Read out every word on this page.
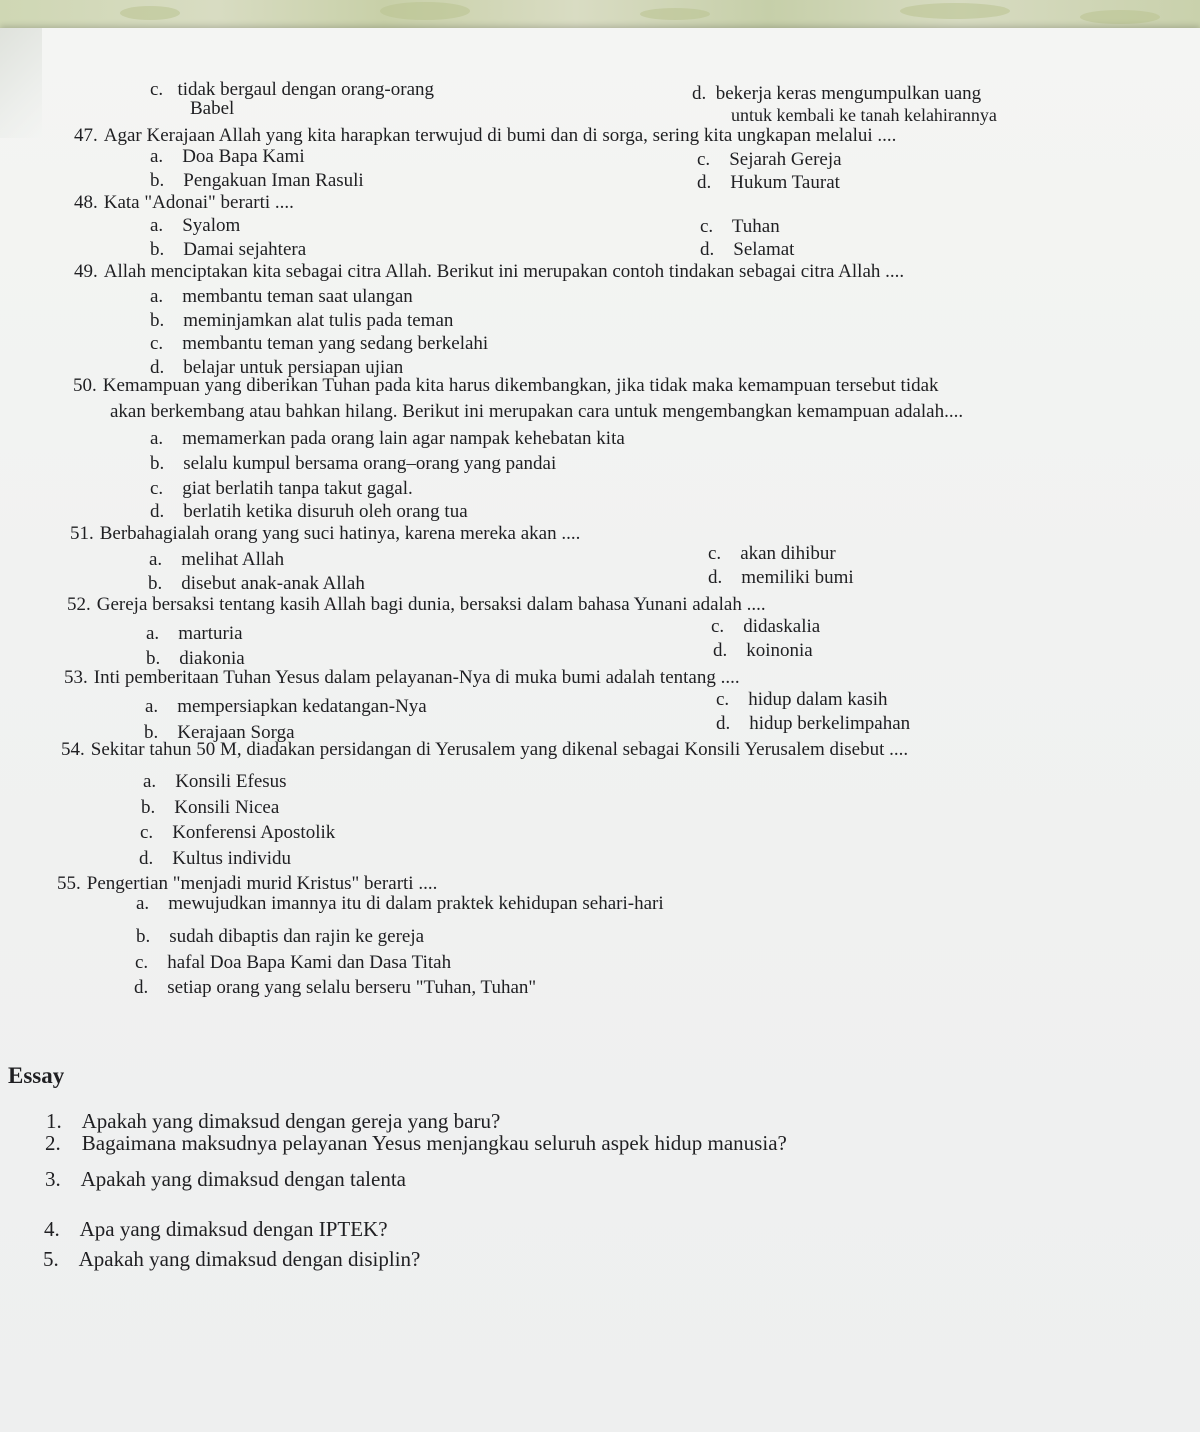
c. tidak bergaul dengan orang-orang
Babel
d. bekerja keras mengumpulkan uang
untuk kembali ke tanah kelahirannya
47. Agar Kerajaan Allah yang kita harapkan terwujud di bumi dan di sorga, sering kita ungkapan melalui ....
a. Doa Bapa Kami	c. Sejarah Gereja
b. Pengakuan Iman Rasuli	d. Hukum Taurat
48. Kata "Adonai" berarti ....
a. Syalom	c. Tuhan
b. Damai sejahtera	d. Selamat
49. Allah menciptakan kita sebagai citra Allah. Berikut ini merupakan contoh tindakan sebagai citra Allah ....
a. membantu teman saat ulangan
b. meminjamkan alat tulis pada teman
c. membantu teman yang sedang berkelahi
d. belajar untuk persiapan ujian
50. Kemampuan yang diberikan Tuhan pada kita harus dikembangkan, jika tidak maka kemampuan tersebut tidak
akan berkembang atau bahkan hilang. Berikut ini merupakan cara untuk mengembangkan kemampuan adalah....
a. memamerkan pada orang lain agar nampak kehebatan kita
b. selalu kumpul bersama orang–orang yang pandai
c. giat berlatih tanpa takut gagal.
d. berlatih ketika disuruh oleh orang tua
51. Berbahagialah orang yang suci hatinya, karena mereka akan ....
a. melihat Allah	c. akan dihibur
b. disebut anak-anak Allah	d. memiliki bumi
52. Gereja bersaksi tentang kasih Allah bagi dunia, bersaksi dalam bahasa Yunani adalah ....
a. marturia	c. didaskalia
b. diakonia	d. koinonia
53. Inti pemberitaan Tuhan Yesus dalam pelayanan-Nya di muka bumi adalah tentang ....
a. mempersiapkan kedatangan-Nya	c. hidup dalam kasih
b. Kerajaan Sorga	d. hidup berkelimpahan
54. Sekitar tahun 50 M, diadakan persidangan di Yerusalem yang dikenal sebagai Konsili Yerusalem disebut ....
a. Konsili Efesus
b. Konsili Nicea
c. Konferensi Apostolik
d. Kultus individu
55. Pengertian "menjadi murid Kristus" berarti ....
a. mewujudkan imannya itu di dalam praktek kehidupan sehari-hari
b. sudah dibaptis dan rajin ke gereja
c. hafal Doa Bapa Kami dan Dasa Titah
d. setiap orang yang selalu berseru "Tuhan, Tuhan"
Essay
1. Apakah yang dimaksud dengan gereja yang baru?
2. Bagaimana maksudnya pelayanan Yesus menjangkau seluruh aspek hidup manusia?
3. Apakah yang dimaksud dengan talenta
4. Apa yang dimaksud dengan IPTEK?
5. Apakah yang dimaksud dengan disiplin?
